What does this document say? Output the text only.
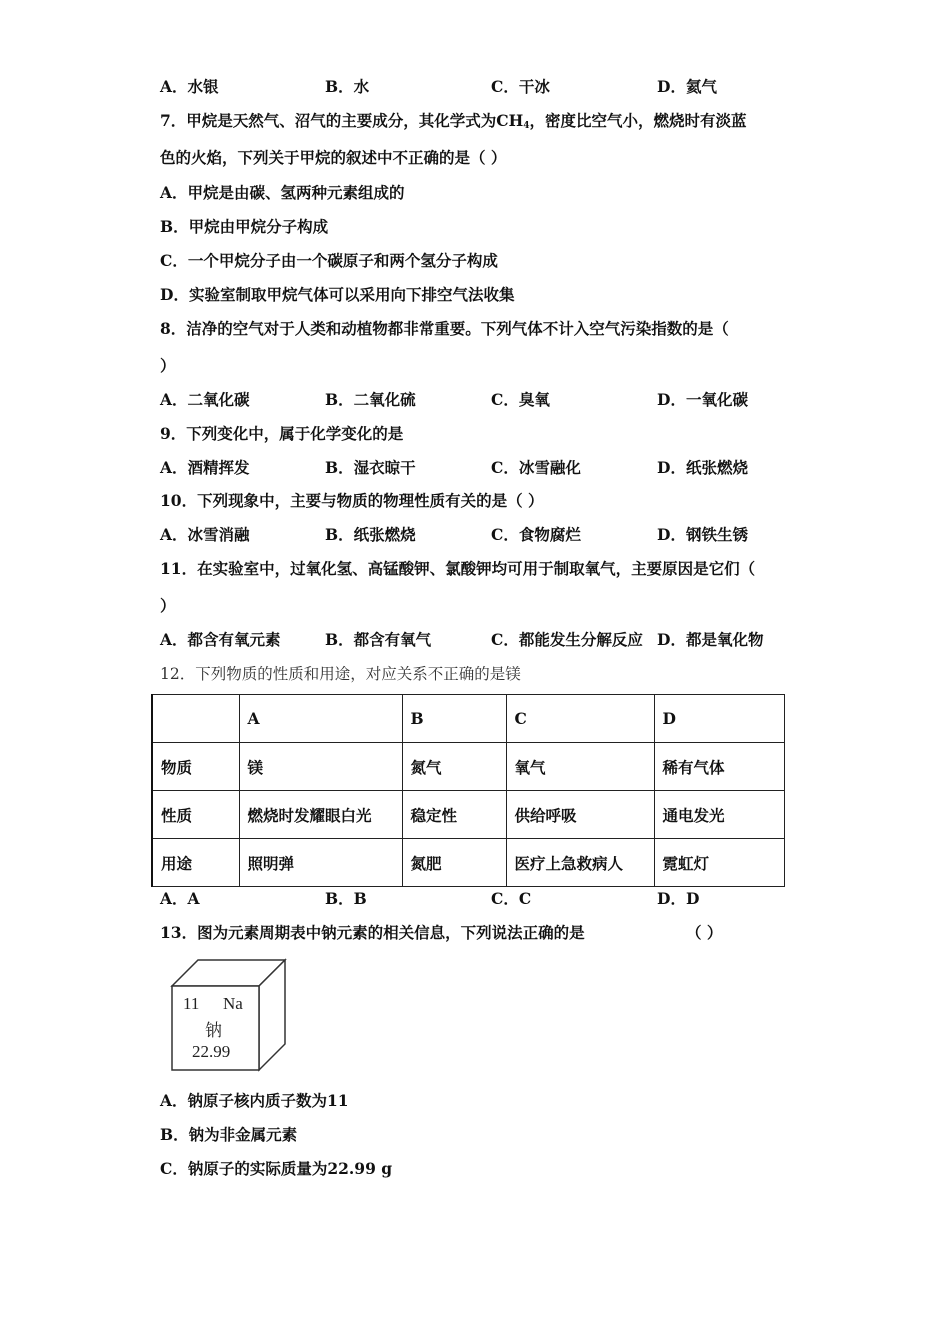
A．水银	B．水	C．干冰	D．氦气
7．甲烷是天然气、沼气的主要成分，其化学式为$CH_4$，密度比空气小，燃烧时有淡蓝
色的火焰，下列关于甲烷的叙述中不正确的是（ ）
A．甲烷是由碳、氢两种元素组成的
B．甲烷由甲烷分子构成
C．一个甲烷分子由一个碳原子和两个氢分子构成
D．实验室制取甲烷气体可以采用向下排空气法收集
8．洁净的空气对于人类和动植物都非常重要。下列气体不计入空气污染指数的是（
）
A．二氧化碳	B．二氧化硫	C．臭氧	D．一氧化碳
9．下列变化中，属于化学变化的是
A．酒精挥发	B．湿衣晾干	C．冰雪融化	D．纸张燃烧
10．下列现象中，主要与物质的物理性质有关的是（ ）
A．冰雪消融	B．纸张燃烧	C．食物腐烂	D．钢铁生锈
11．在实验室中，过氧化氢、高锰酸钾、氯酸钾均可用于制取氧气，主要原因是它们（
）
A．都含有氧元素	B．都含有氧气	C．都能发生分解反应 D．都是氧化物
12．下列物质的性质和用途，对应关系不正确的是镁
	A	B	C	D
物质	镁	氮气	氧气	稀有气体
性质	燃烧时发耀眼白光	稳定性	供给呼吸	通电发光
用途	照明弹	氮肥	医疗上急救病人	霓虹灯
A．A	B．B	C．C	D．D
13．图为元素周期表中钠元素的相关信息，下列说法正确的是	（ ）
11 Na
钠
22.99
A．钠原子核内质子数为11
B．钠为非金属元素
C．钠原子的实际质量为22.99 g
